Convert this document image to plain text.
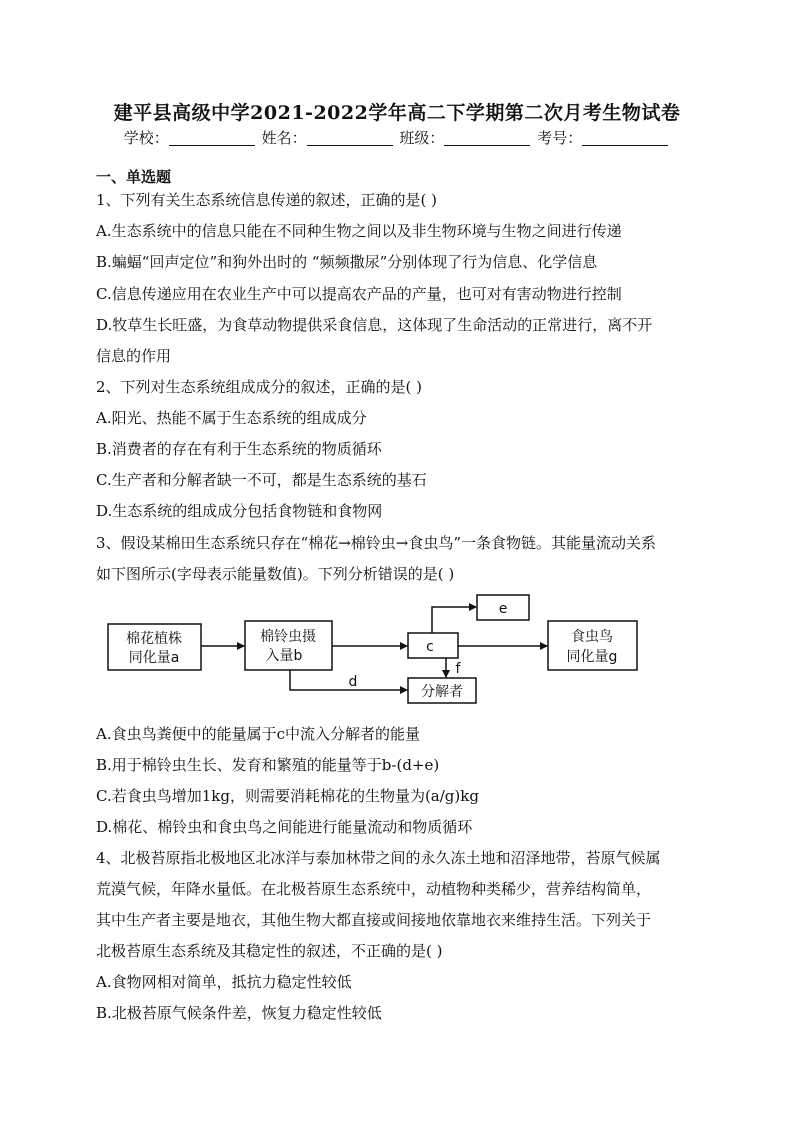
建平县高级中学2021-2022学年高二下学期第二次月考生物试卷
学校：	姓名：	班级：	考号：
一、单选题
1、下列有关生态系统信息传递的叙述，正确的是( )
A.生态系统中的信息只能在不同种生物之间以及非生物环境与生物之间进行传递
B.蝙蝠“回声定位”和狗外出时的 “频频撒尿”分别体现了行为信息、化学信息
C.信息传递应用在农业生产中可以提高农产品的产量，也可对有害动物进行控制
D.牧草生长旺盛，为食草动物提供采食信息，这体现了生命活动的正常进行，离不开
信息的作用
2、下列对生态系统组成成分的叙述，正确的是( )
A.阳光、热能不属于生态系统的组成成分
B.消费者的存在有利于生态系统的物质循环
C.生产者和分解者缺一不可，都是生态系统的基石
D.生态系统的组成成分包括食物链和食物网
3、假设某棉田生态系统只存在“棉花→棉铃虫→食虫鸟”一条食物链。其能量流动关系
如下图所示(字母表示能量数值)。下列分析错误的是( )
棉花植株
同化量a
棉铃虫摄
入量b
c
e
f
d
分解者
食虫鸟
同化量g
A.食虫鸟粪便中的能量属于c中流入分解者的能量
B.用于棉铃虫生长、发育和繁殖的能量等于b-(d+e)
C.若食虫鸟增加1kg，则需要消耗棉花的生物量为(a/g)kg
D.棉花、棉铃虫和食虫鸟之间能进行能量流动和物质循环
4、北极苔原指北极地区北冰洋与泰加林带之间的永久冻土地和沼泽地带，苔原气候属
荒漠气候，年降水量低。在北极苔原生态系统中，动植物种类稀少，营养结构简单，
其中生产者主要是地衣，其他生物大都直接或间接地依靠地衣来维持生活。下列关于
北极苔原生态系统及其稳定性的叙述，不正确的是( )
A.食物网相对简单，抵抗力稳定性较低
B.北极苔原气候条件差，恢复力稳定性较低
